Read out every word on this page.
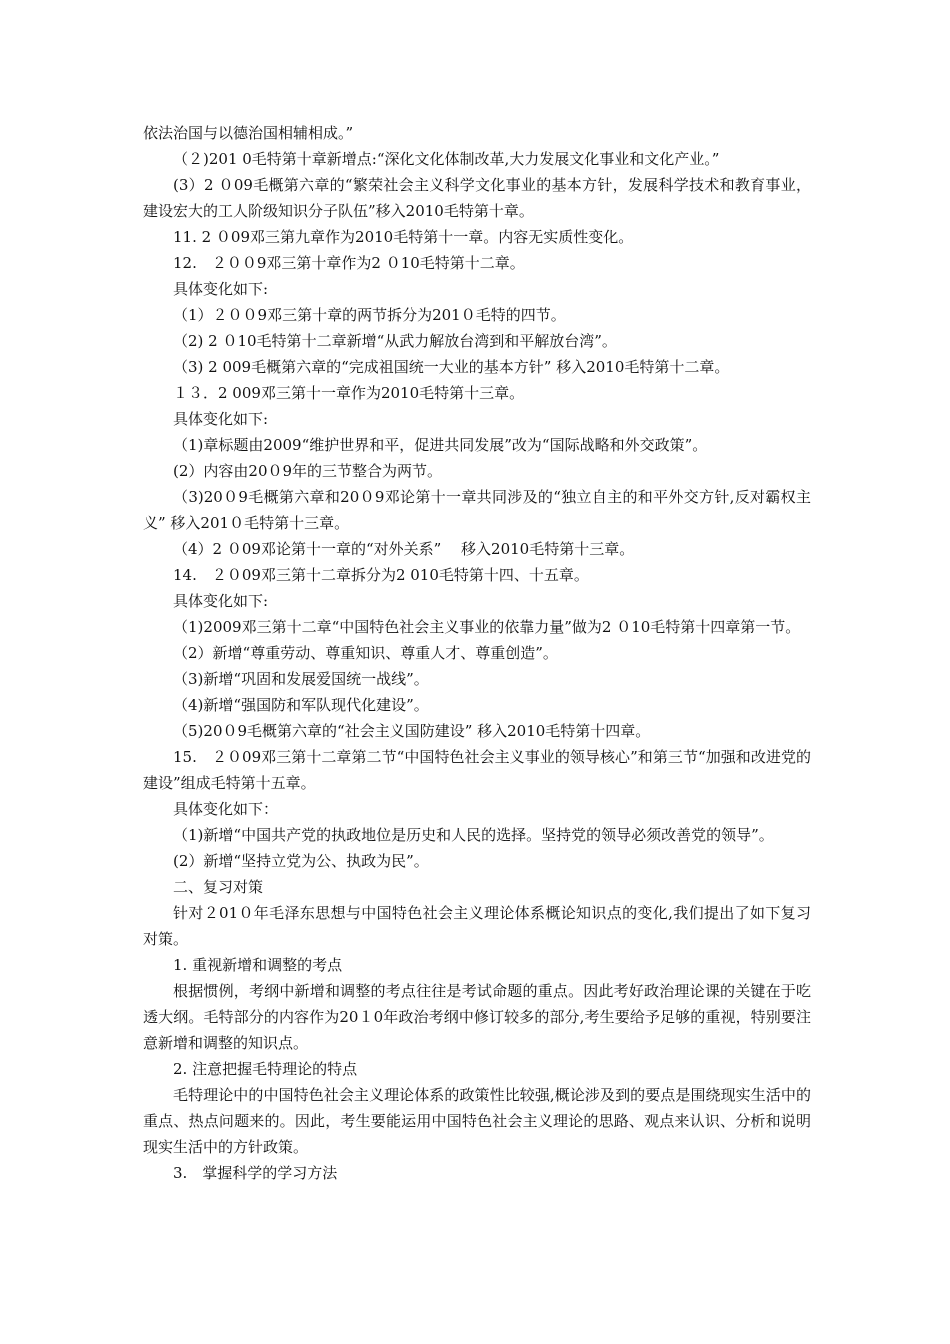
依法治国与以德治国相辅相成。”

（２)201 0毛特第十章新增点:“深化文化体制改革,大力发展文化事业和文化产业。”

(3）2 ０09毛概第六章的“繁荣社会主义科学文化事业的基本方针，发展科学技术和教育事业，建设宏大的工人阶级知识分子队伍”移入2010毛特第十章。

11. 2 ０09邓三第九章作为2010毛特第十一章。内容无实质性变化。

12.　２００9邓三第十章作为2 ０10毛特第十二章。

具体变化如下:

（1）２００9邓三第十章的两节拆分为201０毛特的四节。

（2) 2 ０10毛特第十二章新增“从武力解放台湾到和平解放台湾”。

（3) 2 009毛概第六章的“完成祖国统一大业的基本方针” 移入2010毛特第十二章。

１３．2 009邓三第十一章作为2010毛特第十三章。

具体变化如下:

（1)章标题由2009“维护世界和平，促进共同发展”改为“国际战略和外交政策”。

(2）内容由20０9年的三节整合为两节。

（3)20０9毛概第六章和20０9邓论第十一章共同涉及的“独立自主的和平外交方针,反对霸权主义” 移入201０毛特第十三章。

（4）2 ０09邓论第十一章的“对外关系”　 移入2010毛特第十三章。

14.　２０09邓三第十二章拆分为2 010毛特第十四、十五章。

具体变化如下:

（1)2009邓三第十二章“中国特色社会主义事业的依靠力量”做为2 ０10毛特第十四章第一节。

（2）新增“尊重劳动、尊重知识、尊重人才、尊重创造”。

（3)新增“巩固和发展爱国统一战线”。

（4)新增“强国防和军队现代化建设”。

（5)20０9毛概第六章的“社会主义国防建设” 移入2010毛特第十四章。

15.　２０09邓三第十二章第二节“中国特色社会主义事业的领导核心”和第三节“加强和改进党的建设”组成毛特第十五章。

具体变化如下：

（1)新增“中国共产党的执政地位是历史和人民的选择。坚持党的领导必须改善党的领导”。

(2）新增“坚持立党为公、执政为民”。

二、复习对策

针对２01０年毛泽东思想与中国特色社会主义理论体系概论知识点的变化,我们提出了如下复习对策。

1. 重视新增和调整的考点

根据惯例，考纲中新增和调整的考点往往是考试命题的重点。因此考好政治理论课的关键在于吃透大纲。毛特部分的内容作为20１0年政治考纲中修订较多的部分,考生要给予足够的重视，特别要注意新增和调整的知识点。

2. 注意把握毛特理论的特点

毛特理论中的中国特色社会主义理论体系的政策性比较强,概论涉及到的要点是围绕现实生活中的重点、热点问题来的。因此，考生要能运用中国特色社会主义理论的思路、观点来认识、分析和说明现实生活中的方针政策。

3.　掌握科学的学习方法
